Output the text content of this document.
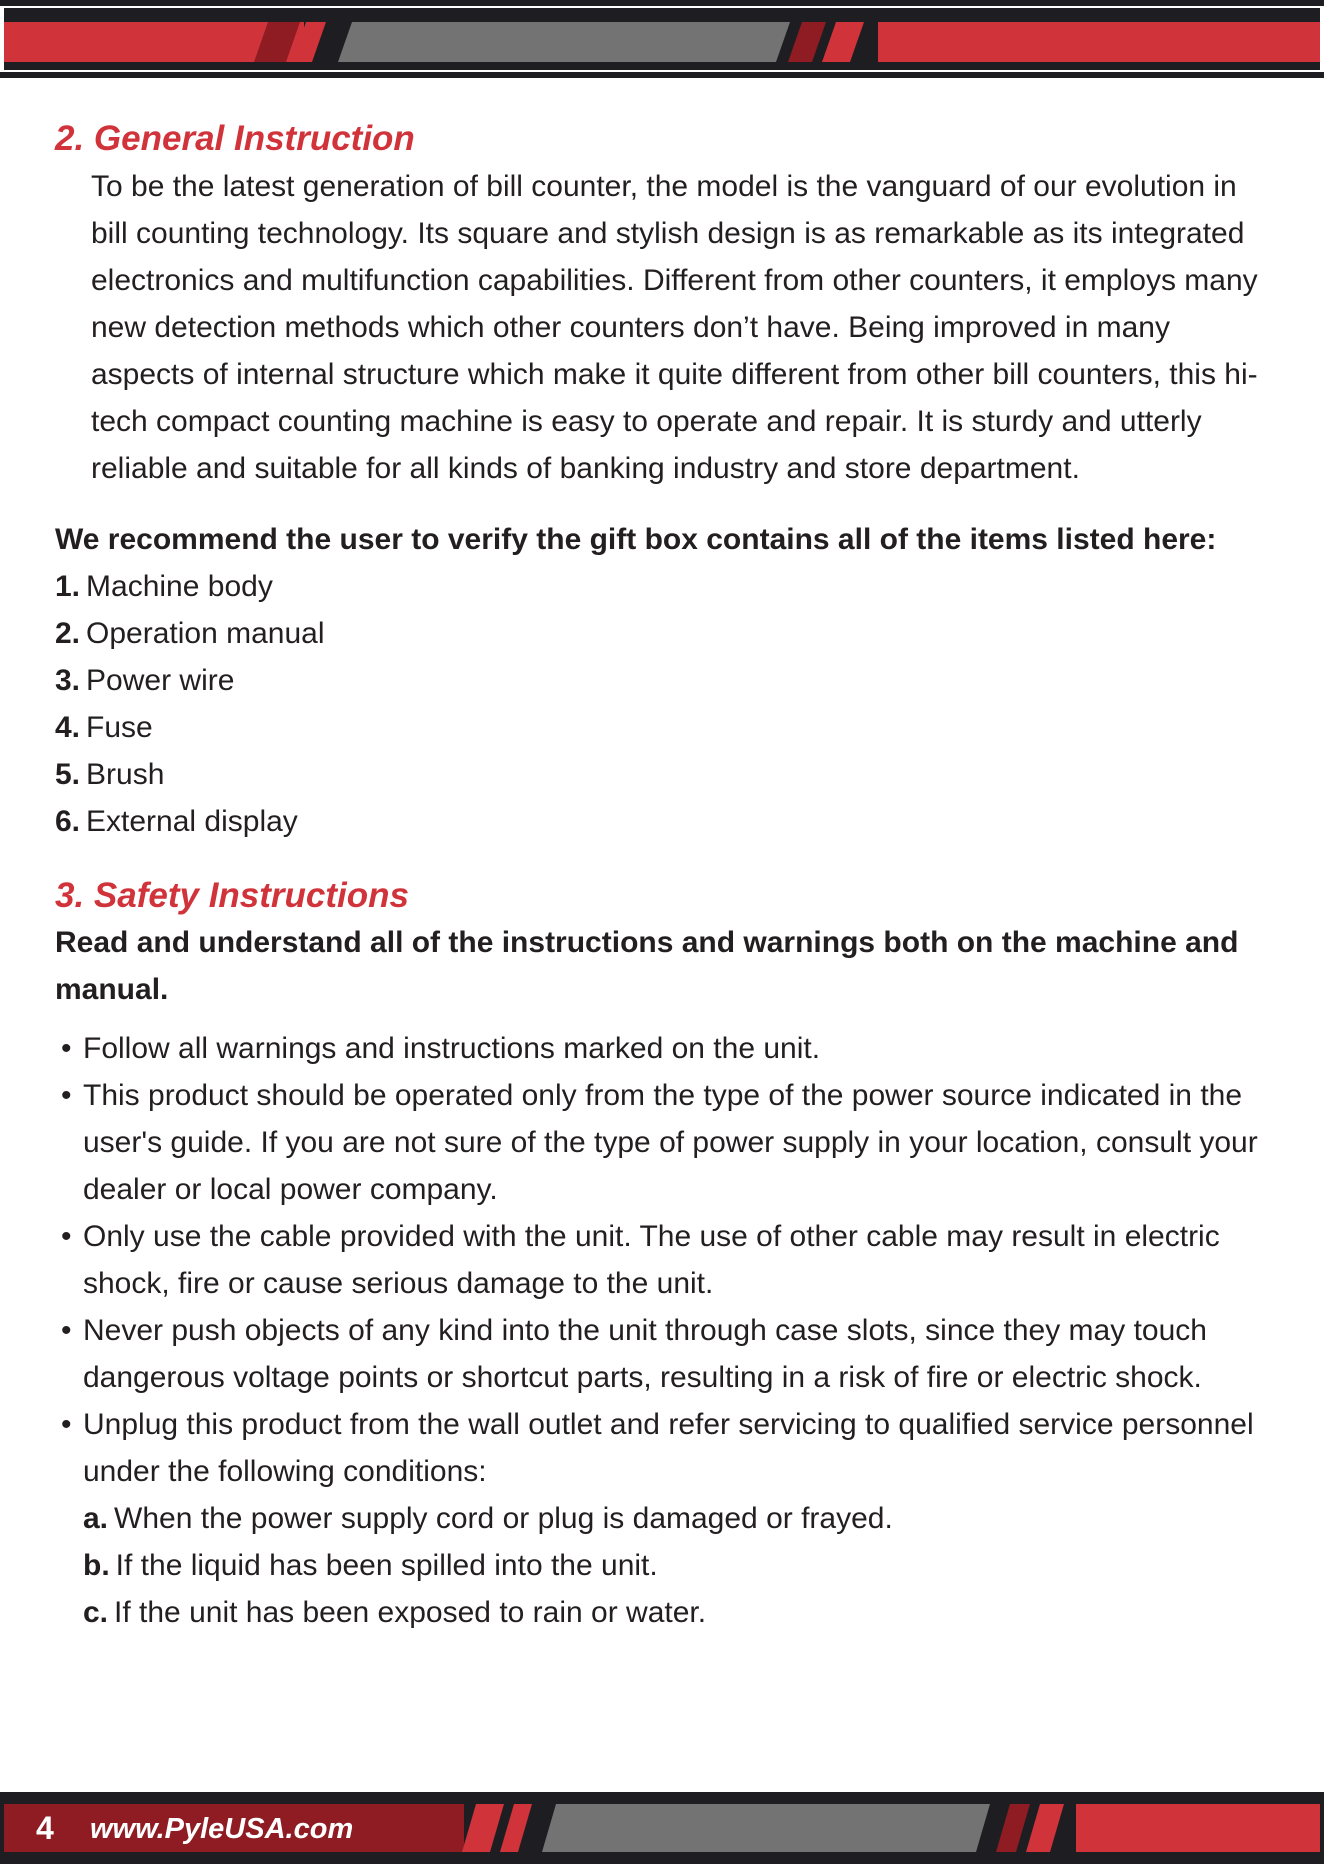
2. General Instruction

To be the latest generation of bill counter, the model is the vanguard of our evolution in bill counting technology. Its square and stylish design is as remarkable as its integrated electronics and multifunction capabilities. Different from other counters, it employs many new detection methods which other counters don’t have. Being improved in many aspects of internal structure which make it quite different from other bill counters, this hi-tech compact counting machine is easy to operate and repair. It is sturdy and utterly reliable and suitable for all kinds of banking industry and store department.

We recommend the user to verify the gift box contains all of the items listed here:

1. Machine body
2. Operation manual
3. Power wire
4. Fuse
5. Brush
6. External display
3. Safety Instructions

Read and understand all of the instructions and warnings both on the machine and manual.

• Follow all warnings and instructions marked on the unit.
• This product should be operated only from the type of the power source indicated in the user's guide. If you are not sure of the type of power supply in your location, consult your dealer or local power company.
• Only use the cable provided with the unit. The use of other cable may result in electric shock, fire or cause serious damage to the unit.
• Never push objects of any kind into the unit through case slots, since they may touch dangerous voltage points or shortcut parts, resulting in a risk of fire or electric shock.
• Unplug this product from the wall outlet and refer servicing to qualified service personnel under the following conditions:
a. When the power supply cord or plug is damaged or frayed.
b. If the liquid has been spilled into the unit.
c. If the unit has been exposed to rain or water.
4 www.PyleUSA.com
